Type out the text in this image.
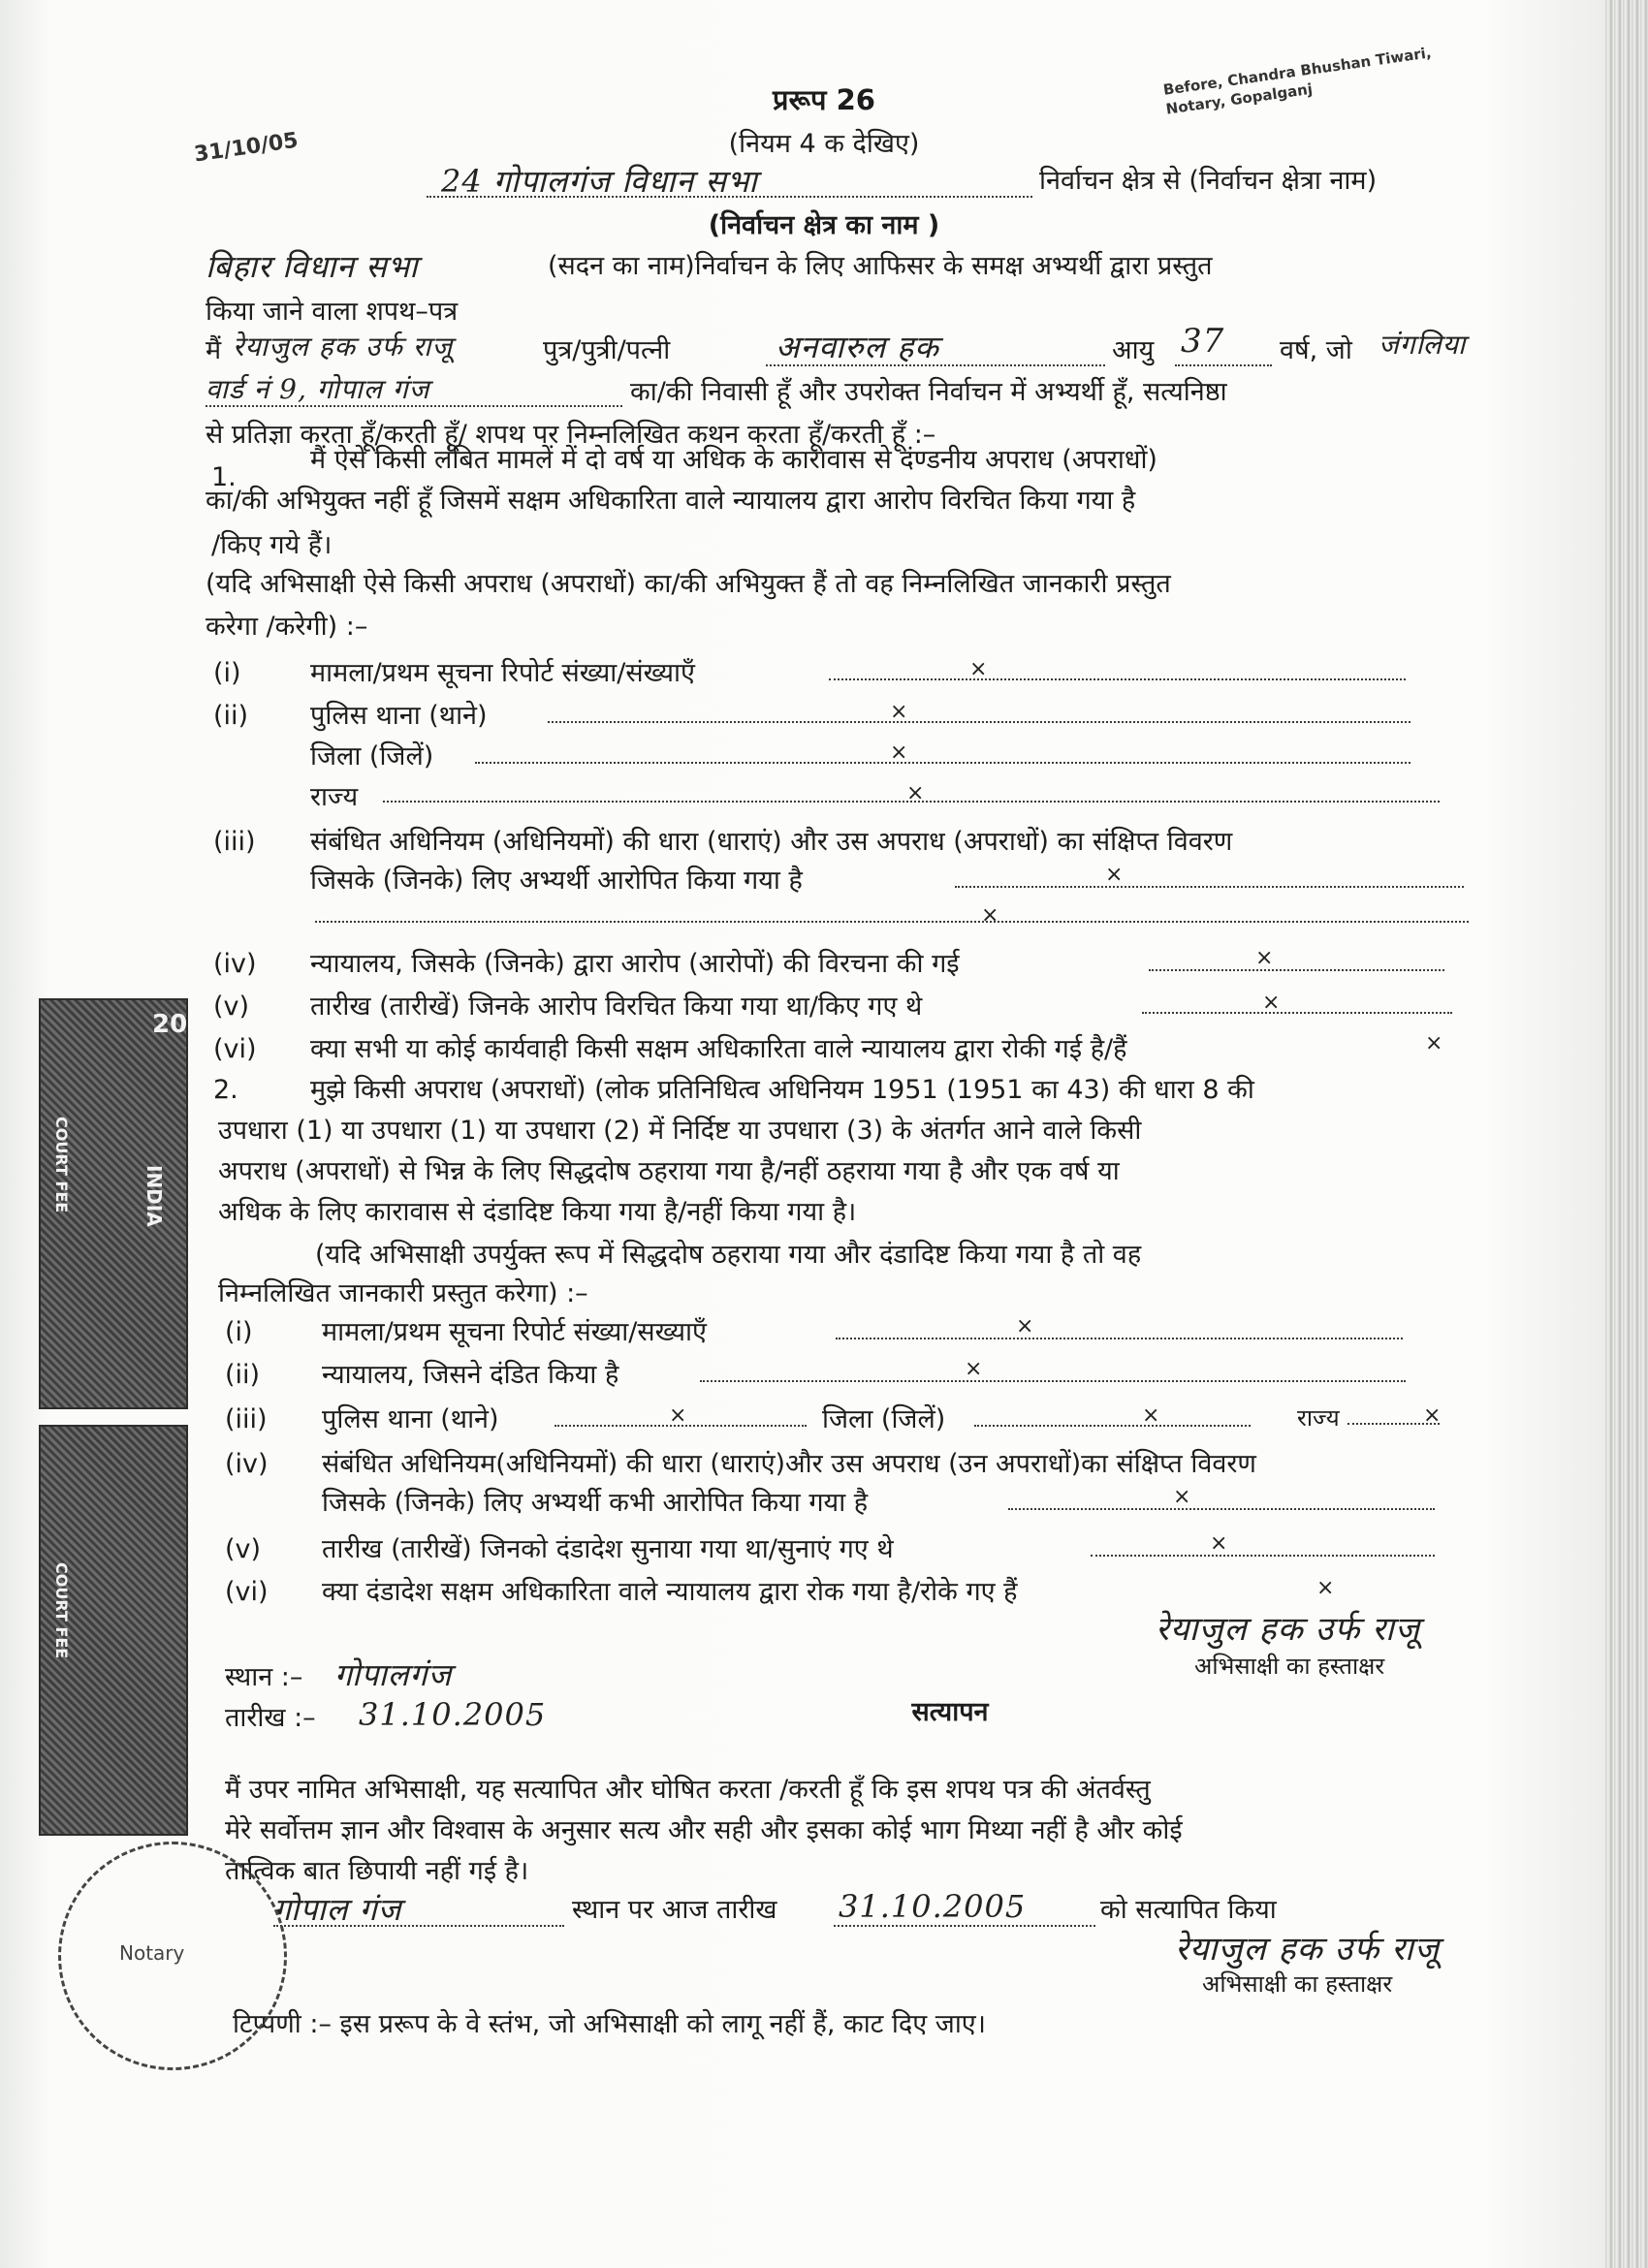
31/10/05
Before, Chandra Bhushan Tiwari, Notary, Gopalganj
प्ररूप 26
(नियम 4 क देखिए)
24 गोपालगंज विधान सभा	निर्वाचन क्षेत्र से (निर्वाचन क्षेत्रा नाम)
(निर्वाचन क्षेत्र का नाम )
बिहार विधान सभा	(सदन का नाम)निर्वाचन के लिए आफिसर के समक्ष अभ्यर्थी द्वारा प्रस्तुत
किया जाने वाला शपथ–पत्र
मैं रेयाजुल हक उर्फ राजू	पुत्र/पुत्री/पत्नी	अनवारुल हक	आयु 37 वर्ष, जो जंगलिया
वार्ड नं 9, गोपाल गंज	का/की निवासी हूँ और उपरोक्त निर्वाचन में अभ्यर्थी हूँ, सत्यनिष्ठा
से प्रतिज्ञा करता हूँ/करती हूँ/ शपथ पर निम्नलिखित कथन करता हूँ/करती हूँ :–
1.
मैं ऐसे किसी लंबित मामलें में दो वर्ष या अधिक के कारावास से दंण्डनीय अपराध (अपराधों)
का/की अभियुक्त नहीं हूँ जिसमें सक्षम अधिकारिता वाले न्यायालय द्वारा आरोप विरचित किया गया है
/किए गये हैं।
(यदि अभिसाक्षी ऐसे किसी अपराध (अपराधों) का/की अभियुक्त हैं तो वह निम्नलिखित जानकारी प्रस्तुत
करेगा /करेगी) :–
(i)	मामला/प्रथम सूचना रिपोर्ट संख्या/संख्याएँ	×
(ii) पुलिस थाना (थाने)	×
जिला (जिलें)	×
राज्य	×
(iii) संबंधित अधिनियम (अधिनियमों) की धारा (धाराएं) और उस अपराध (अपराधों) का संक्षिप्त विवरण
जिसके (जिनके) लिए अभ्यर्थी आरोपित किया गया है	×
×
(iv) न्यायालय, जिसके (जिनके) द्वारा आरोप (आरोपों) की विरचना की गई	×
(v) तारीख (तारीखें) जिनके आरोप विरचित किया गया था/किए गए थे	×
(vi) क्या सभी या कोई कार्यवाही किसी सक्षम अधिकारिता वाले न्यायालय द्वारा रोकी गई है/हैं	×
2.	मुझे किसी अपराध (अपराधों) (लोक प्रतिनिधित्व अधिनियम 1951 (1951 का 43) की धारा 8 की
उपधारा (1) या उपधारा (1) या उपधारा (2) में निर्दिष्ट या उपधारा (3) के अंतर्गत आने वाले किसी
अपराध (अपराधों) से भिन्न के लिए सिद्धदोष ठहराया गया है/नहीं ठहराया गया है और एक वर्ष या
अधिक के लिए कारावास से दंडादिष्ट किया गया है/नहीं किया गया है।
(यदि अभिसाक्षी उपर्युक्त रूप में सिद्धदोष ठहराया गया और दंडादिष्ट किया गया है तो वह
निम्नलिखित जानकारी प्रस्तुत करेगा) :–
(i)	मामला/प्रथम सूचना रिपोर्ट संख्या/सख्याएँ	×
(ii) न्यायालय, जिसने दंडित किया है	×
(iii) पुलिस थाना (थाने)	×	जिला (जिलें)	×	राज्य	×
(iv) संबंधित अधिनियम(अधिनियमों) की धारा (धाराएं)और उस अपराध (उन अपराधों)का संक्षिप्त विवरण
जिसके (जिनके) लिए अभ्यर्थी कभी आरोपित किया गया है	×
(v) तारीख (तारीखें) जिनको दंडादेश सुनाया गया था/सुनाएं गए थे	×
(vi) क्या दंडादेश सक्षम अधिकारिता वाले न्यायालय द्वारा रोक गया है/रोके गए हैं	×
रेयाजुल हक उर्फ राजू
अभिसाक्षी का हस्ताक्षर
स्थान :– गोपालगंज
तारीख :– 31.10.2005	सत्यापन
मैं उपर नामित अभिसाक्षी, यह सत्यापित और घोषित करता /करती हूँ कि इस शपथ पत्र की अंतर्वस्तु
मेरे सर्वोत्तम ज्ञान और विश्वास के अनुसार सत्य और सही और इसका कोई भाग मिथ्या नहीं है और कोई
तात्विक बात छिपायी नहीं गई है।
गोपाल गंज	स्थान पर आज तारीख 31.10.2005	को सत्यापित किया
रेयाजुल हक उर्फ राजू
अभिसाक्षी का हस्ताक्षर
टिप्पणी :– इस प्ररूप के वे स्तंभ, जो अभिसाक्षी को लागू नहीं हैं, काट दिए जाए।
20
INDIA
COURT FEE
COURT FEE
Notary
